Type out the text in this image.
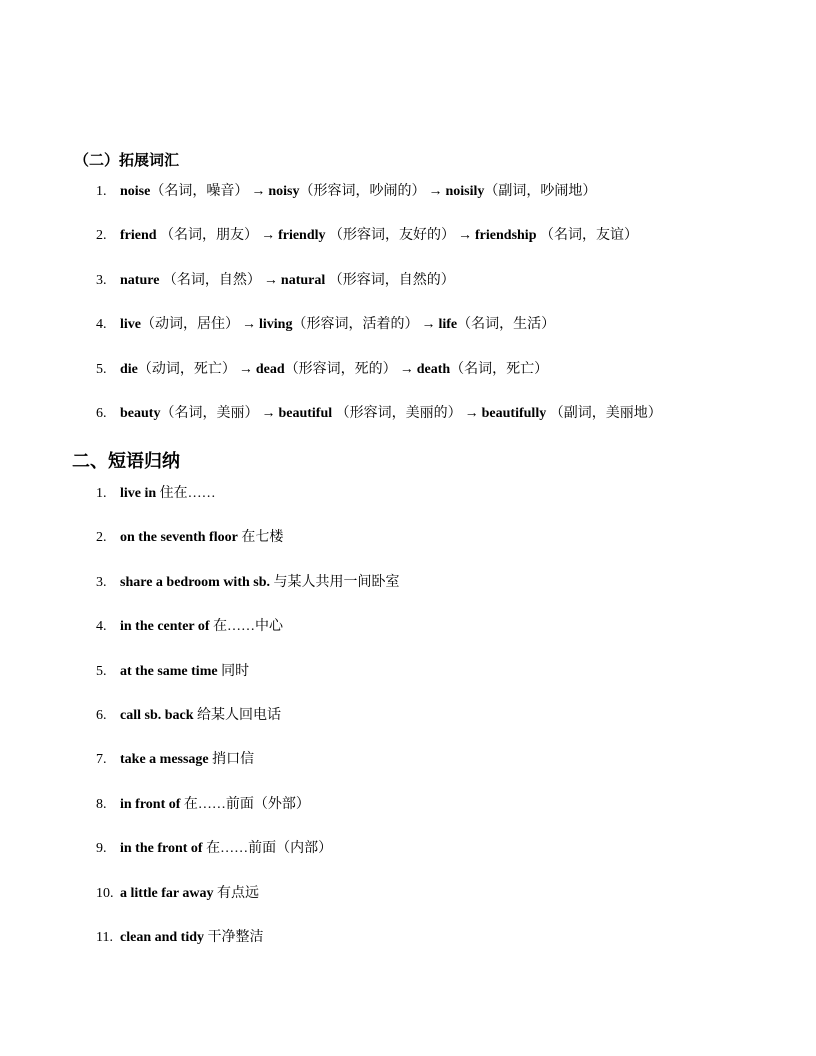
（二）拓展词汇
1. noise（名词，噪音） → noisy（形容词，吵闹的） → noisily（副词，吵闹地）
2. friend （名词，朋友） → friendly （形容词，友好的） → friendship （名词，友谊）
3. nature （名词，自然） → natural （形容词，自然的）
4. live（动词，居住） → living（形容词，活着的） → life（名词，生活）
5. die（动词，死亡） → dead（形容词，死的） → death（名词，死亡）
6. beauty（名词，美丽） → beautiful （形容词，美丽的） → beautifully （副词，美丽地）
二、短语归纳
1. live in 住在……
2. on the seventh floor 在七楼
3. share a bedroom with sb. 与某人共用一间卧室
4. in the center of 在……中心
5. at the same time 同时
6. call sb. back 给某人回电话
7. take a message 捎口信
8. in front of 在……前面（外部）
9. in the front of 在……前面（内部）
10. a little far away 有点远
11. clean and tidy 干净整洁
